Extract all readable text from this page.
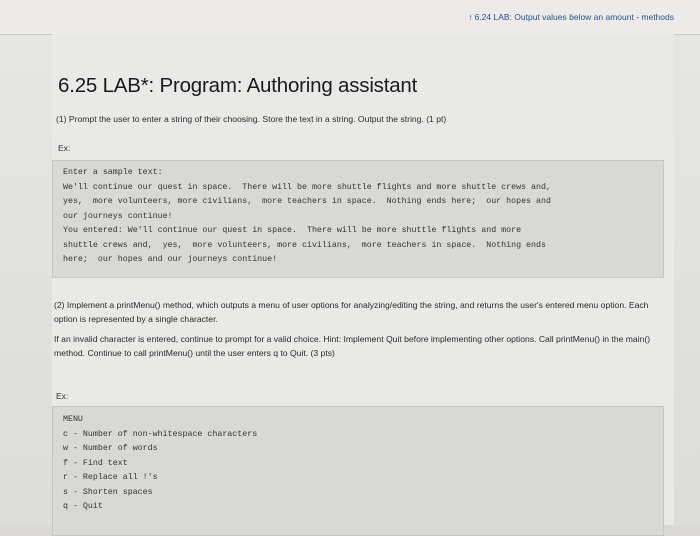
↑ 6.24 LAB: Output values below an amount - methods
6.25 LAB*: Program: Authoring assistant

(1) Prompt the user to enter a string of their choosing. Store the text in a string. Output the string. (1 pt)

Ex:
Enter a sample text:
We'll continue our quest in space.  There will be more shuttle flights and more shuttle crews and,
yes,  more volunteers, more civilians,  more teachers in space.  Nothing ends here;  our hopes and
our journeys continue!
You entered: We'll continue our quest in space.  There will be more shuttle flights and more
shuttle crews and,  yes,  more volunteers, more civilians,  more teachers in space.  Nothing ends
here;  our hopes and our journeys continue!

(2) Implement a printMenu() method, which outputs a menu of user options for analyzing/editing the string, and returns the user's entered menu option. Each option is represented by a single character.

If an invalid character is entered, continue to prompt for a valid choice. Hint: Implement Quit before implementing other options. Call printMenu() in the main() method. Continue to call printMenu() until the user enters q to Quit. (3 pts)

Ex:
MENU
c - Number of non-whitespace characters
w - Number of words
f - Find text
r - Replace all !'s
s - Shorten spaces
q - Quit
